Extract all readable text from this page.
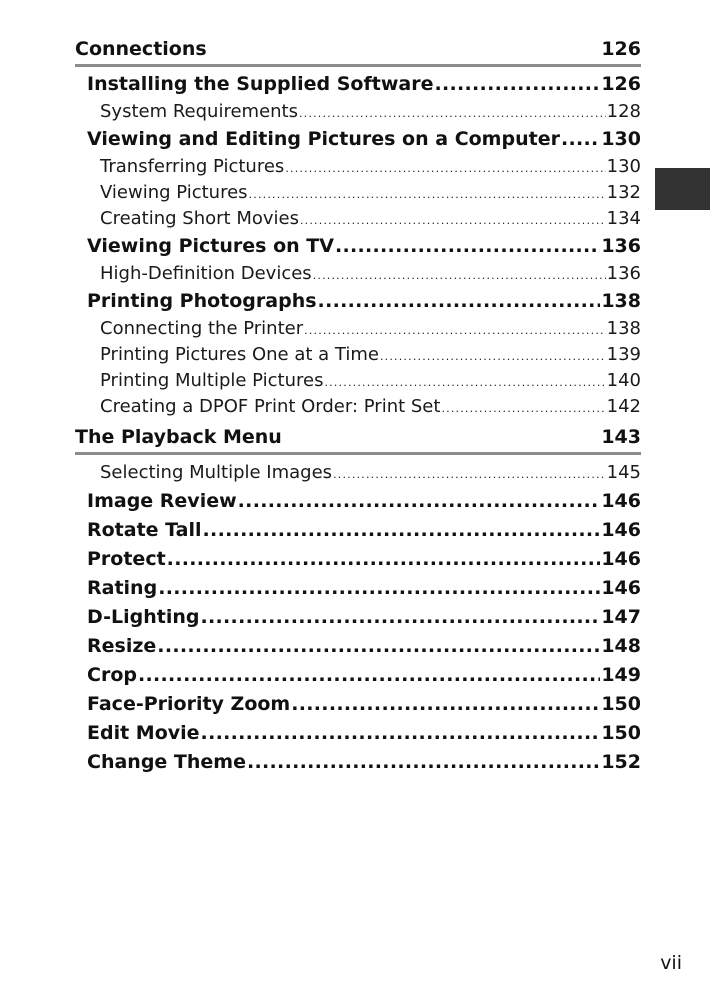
Connections	126
Installing the Supplied Software .....	126
System Requirements .....	128
Viewing and Editing Pictures on a Computer ..... 130
Transferring Pictures .....	130
Viewing Pictures .....	132
Creating Short Movies .....	134
Viewing Pictures on TV .....	136
High-Definition Devices .....	136
Printing Photographs .....	138
Connecting the Printer .....	138
Printing Pictures One at a Time .....	139
Printing Multiple Pictures .....	140
Creating a DPOF Print Order: Print Set .....	142
The Playback Menu	143
Selecting Multiple Images .....	145
Image Review .....	146
Rotate Tall .....	146
Protect .....	146
Rating .....	146
D-Lighting .....	147
Resize .....	148
Crop .....	149
Face-Priority Zoom .....	150
Edit Movie .....	150
Change Theme .....	152
vii
